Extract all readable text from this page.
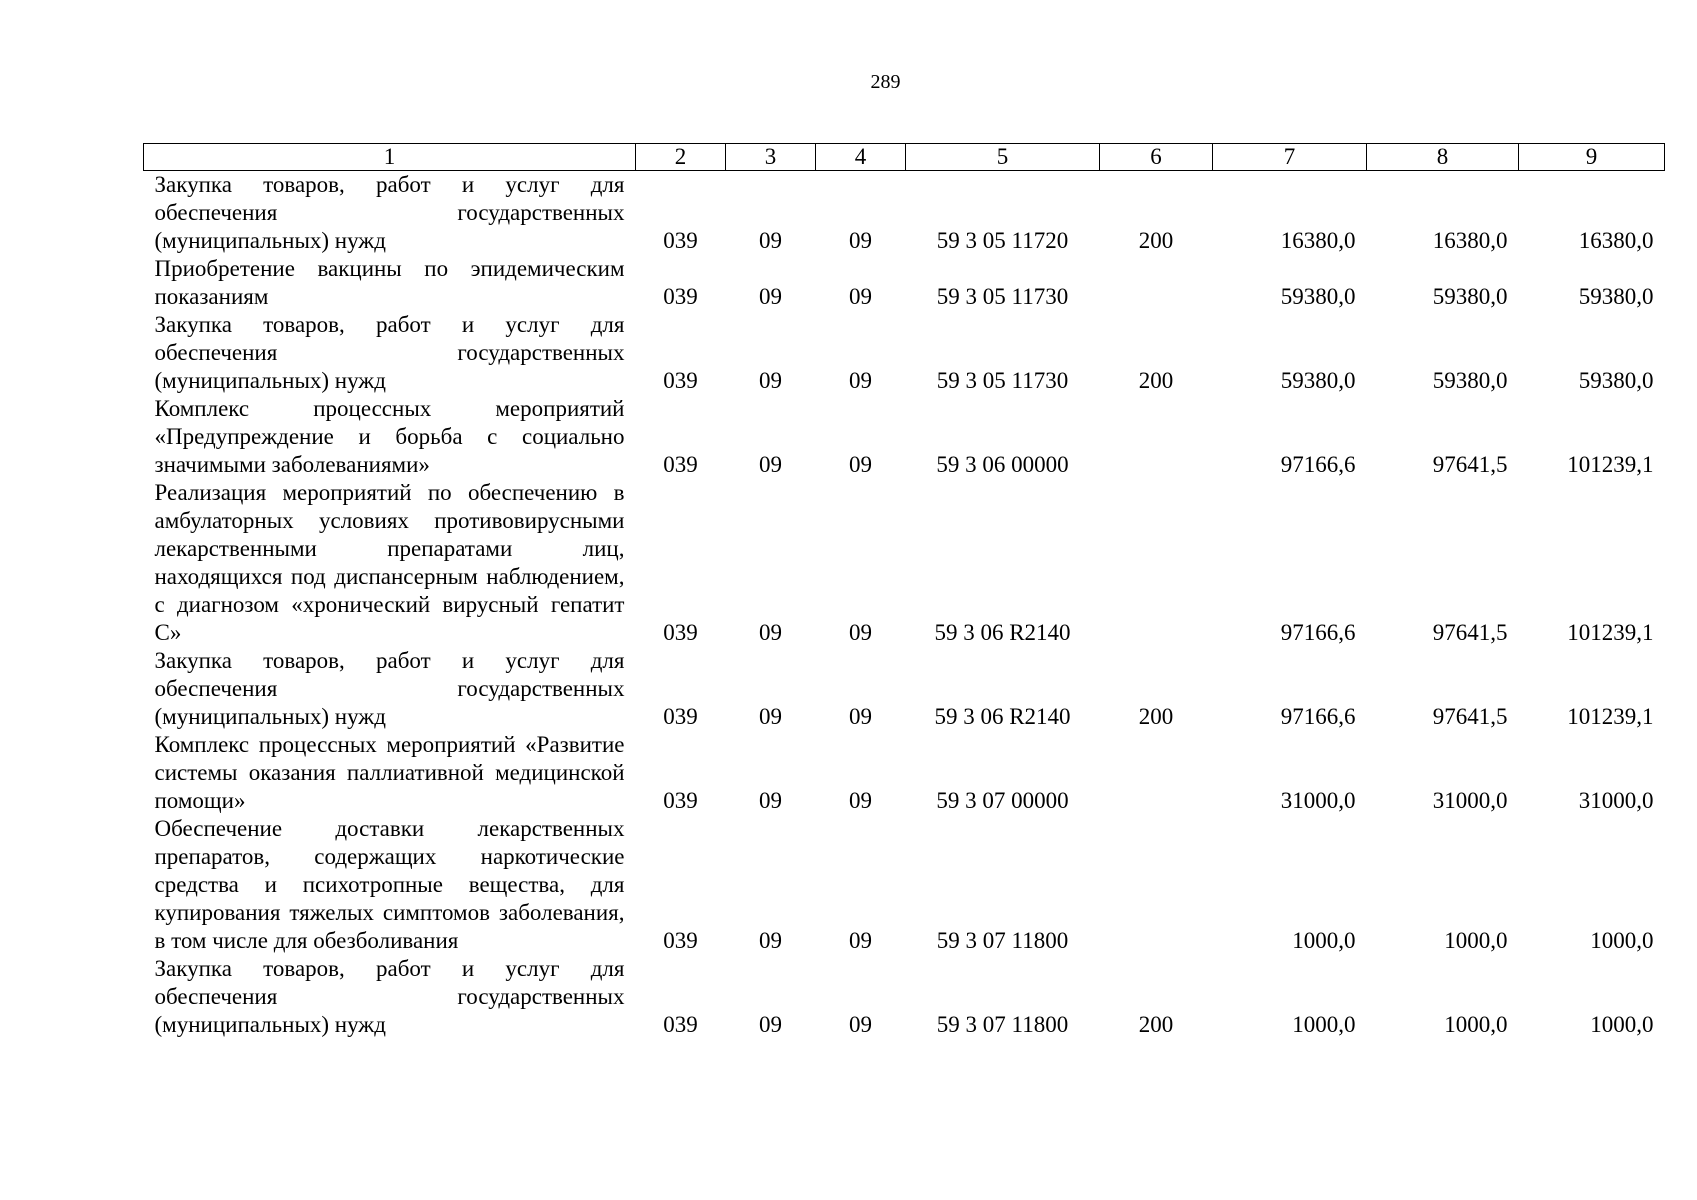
289
1	2	3	4	5	6	7	8	9
Закупка товаров, работ и услуг для обеспечения государственных (муниципальных) нужд	039	09	09	59 3 05 11720	200	16380,0	16380,0	16380,0
Приобретение вакцины по эпидемическим показаниям	039	09	09	59 3 05 11730		59380,0	59380,0	59380,0
Закупка товаров, работ и услуг для обеспечения государственных (муниципальных) нужд	039	09	09	59 3 05 11730	200	59380,0	59380,0	59380,0
Комплекс процессных мероприятий «Предупреждение и борьба с социально значимыми заболеваниями»	039	09	09	59 3 06 00000		97166,6	97641,5	101239,1
Реализация мероприятий по обеспечению в амбулаторных условиях противовирусными лекарственными препаратами лиц, находящихся под диспансерным наблюдением, с диагнозом «хронический вирусный гепатит С»	039	09	09	59 3 06 R2140		97166,6	97641,5	101239,1
Закупка товаров, работ и услуг для обеспечения государственных (муниципальных) нужд	039	09	09	59 3 06 R2140	200	97166,6	97641,5	101239,1
Комплекс процессных мероприятий «Развитие системы оказания паллиативной медицинской помощи»	039	09	09	59 3 07 00000		31000,0	31000,0	31000,0
Обеспечение доставки лекарственных препаратов, содержащих наркотические средства и психотропные вещества, для купирования тяжелых симптомов заболевания, в том числе для обезболивания	039	09	09	59 3 07 11800		1000,0	1000,0	1000,0
Закупка товаров, работ и услуг для обеспечения государственных (муниципальных) нужд	039	09	09	59 3 07 11800	200	1000,0	1000,0	1000,0
